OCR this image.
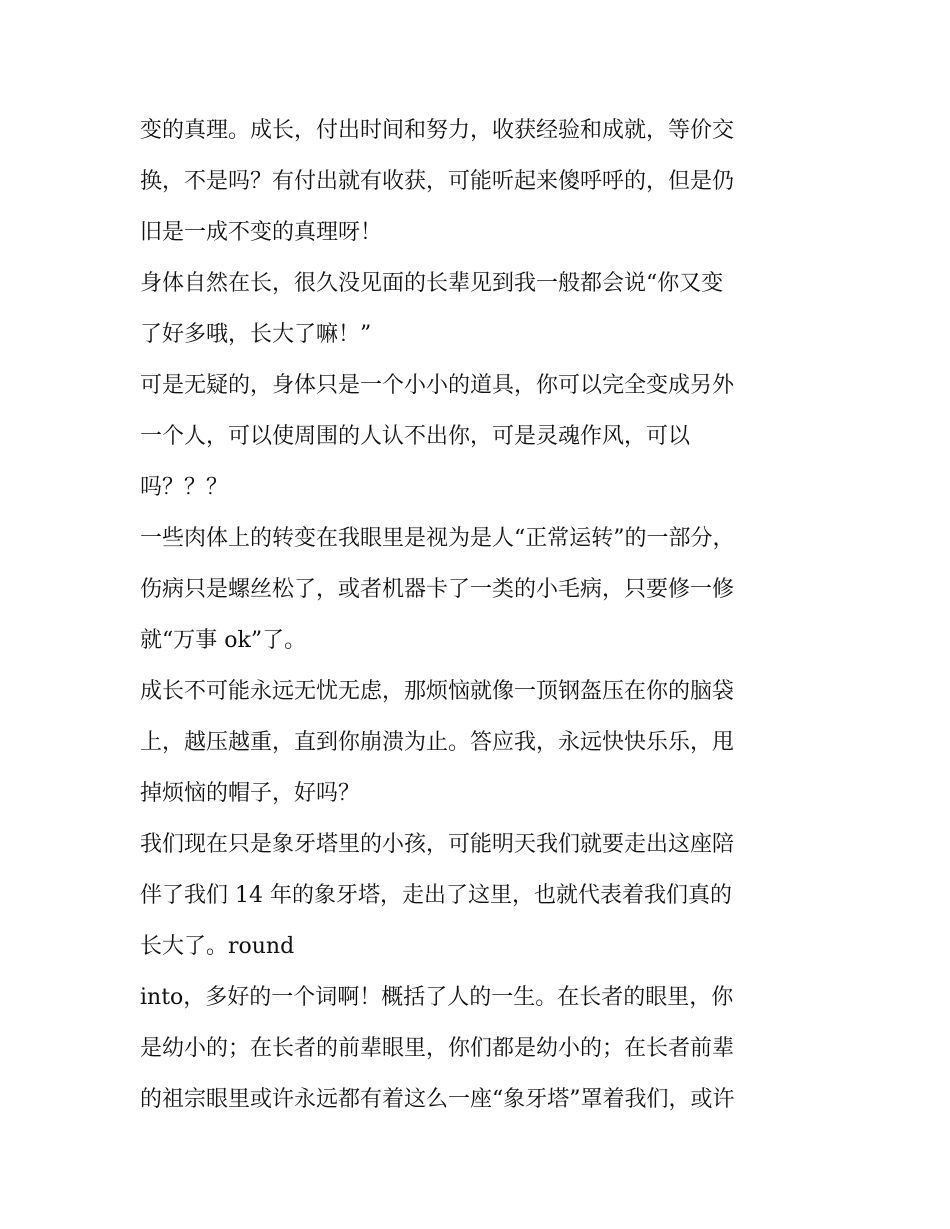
变的真理。成长，付出时间和努力，收获经验和成就，等价交
换，不是吗？有付出就有收获，可能听起来傻呼呼的，但是仍
旧是一成不变的真理呀！
身体自然在长，很久没见面的长辈见到我一般都会说“你又变
了好多哦，长大了嘛！”
可是无疑的，身体只是一个小小的道具，你可以完全变成另外
一个人，可以使周围的人认不出你，可是灵魂作风，可以
吗？？？
一些肉体上的转变在我眼里是视为是人“正常运转”的一部分，
伤病只是螺丝松了，或者机器卡了一类的小毛病，只要修一修
就“万事 ok”了。
成长不可能永远无忧无虑，那烦恼就像一顶钢盔压在你的脑袋
上，越压越重，直到你崩溃为止。答应我，永远快快乐乐，甩
掉烦恼的帽子，好吗？
我们现在只是象牙塔里的小孩，可能明天我们就要走出这座陪
伴了我们 14 年的象牙塔，走出了这里，也就代表着我们真的
长大了。round
into，多好的一个词啊！概括了人的一生。在长者的眼里，你
是幼小的；在长者的前辈眼里，你们都是幼小的；在长者前辈
的祖宗眼里或许永远都有着这么一座“象牙塔”罩着我们，或许
